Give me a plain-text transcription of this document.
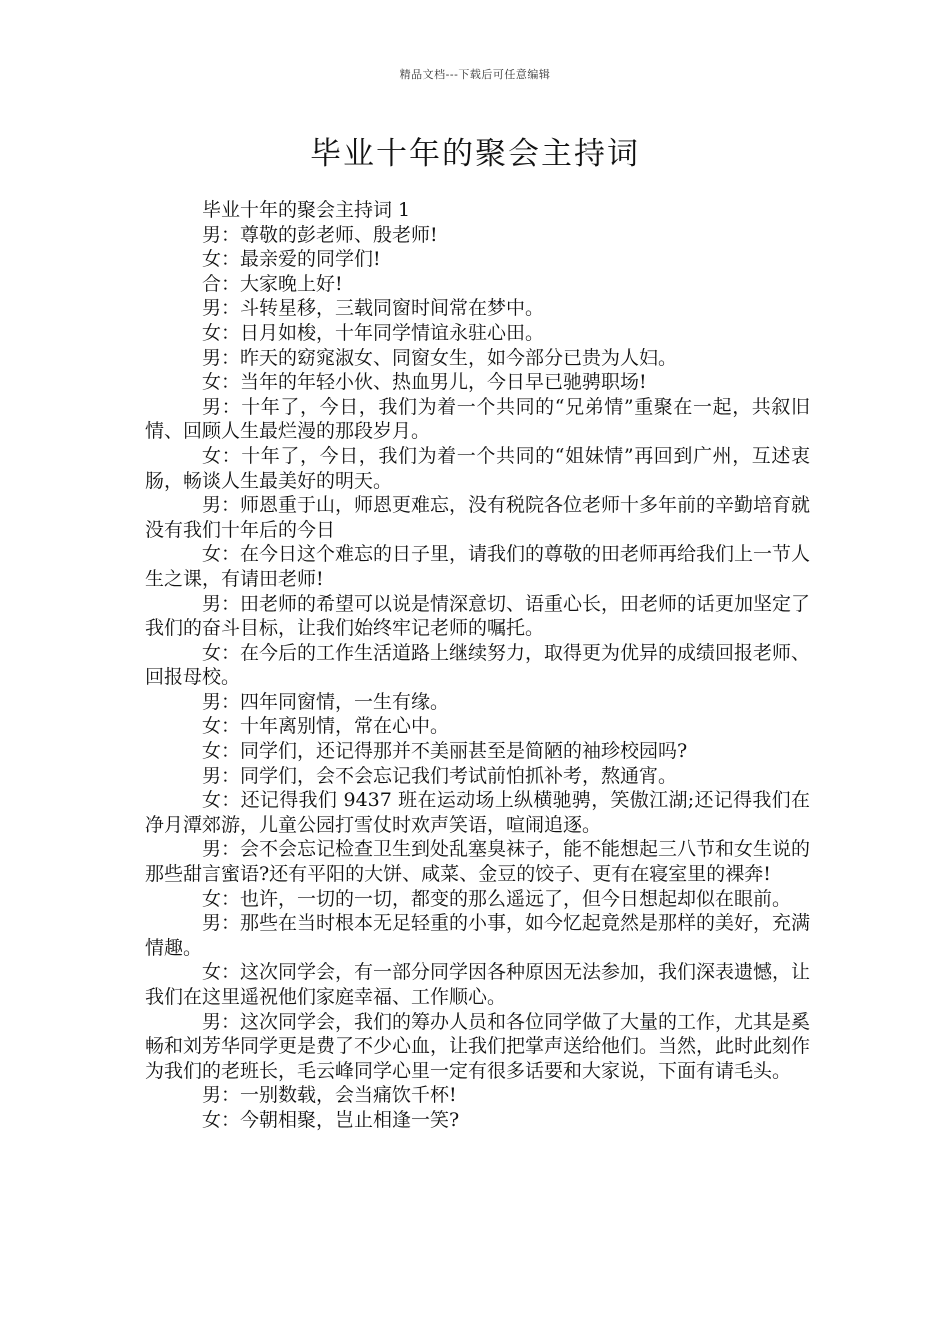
精品文档---下载后可任意编辑
毕业十年的聚会主持词

毕业十年的聚会主持词 1

男：尊敬的彭老师、殷老师!

女：最亲爱的同学们!

合：大家晚上好!

男：斗转星移，三载同窗时间常在梦中。

女：日月如梭，十年同学情谊永驻心田。

男：昨天的窈窕淑女、同窗女生，如今部分已贵为人妇。

女：当年的年轻小伙、热血男儿，今日早已驰骋职场!

男：十年了，今日，我们为着一个共同的“兄弟情”重聚在一起，共叙旧情、回顾人生最烂漫的那段岁月。

女：十年了，今日，我们为着一个共同的“姐妹情”再回到广州，互述衷肠，畅谈人生最美好的明天。

男：师恩重于山，师恩更难忘，没有税院各位老师十多年前的辛勤培育就没有我们十年后的今日

女：在今日这个难忘的日子里，请我们的尊敬的田老师再给我们上一节人生之课，有请田老师!

男：田老师的希望可以说是情深意切、语重心长，田老师的话更加坚定了我们的奋斗目标，让我们始终牢记老师的嘱托。

女：在今后的工作生活道路上继续努力，取得更为优异的成绩回报老师、回报母校。

男：四年同窗情，一生有缘。

女：十年离别情，常在心中。

女：同学们，还记得那并不美丽甚至是简陋的袖珍校园吗?

男：同学们，会不会忘记我们考试前怕抓补考，熬通宵。

女：还记得我们 9437 班在运动场上纵横驰骋，笑傲江湖;还记得我们在净月潭郊游，儿童公园打雪仗时欢声笑语，喧闹追逐。

男：会不会忘记检查卫生到处乱塞臭袜子，能不能想起三八节和女生说的那些甜言蜜语?还有平阳的大饼、咸菜、金豆的饺子、更有在寝室里的裸奔!

女：也许，一切的一切，都变的那么遥远了，但今日想起却似在眼前。

男：那些在当时根本无足轻重的小事，如今忆起竟然是那样的美好，充满情趣。

女：这次同学会，有一部分同学因各种原因无法参加，我们深表遗憾，让我们在这里遥祝他们家庭幸福、工作顺心。

男：这次同学会，我们的筹办人员和各位同学做了大量的工作，尤其是奚畅和刘芳华同学更是费了不少心血，让我们把掌声送给他们。当然，此时此刻作为我们的老班长，毛云峰同学心里一定有很多话要和大家说，下面有请毛头。

男：一别数载，会当痛饮千杯!

女：今朝相聚，岂止相逢一笑?
